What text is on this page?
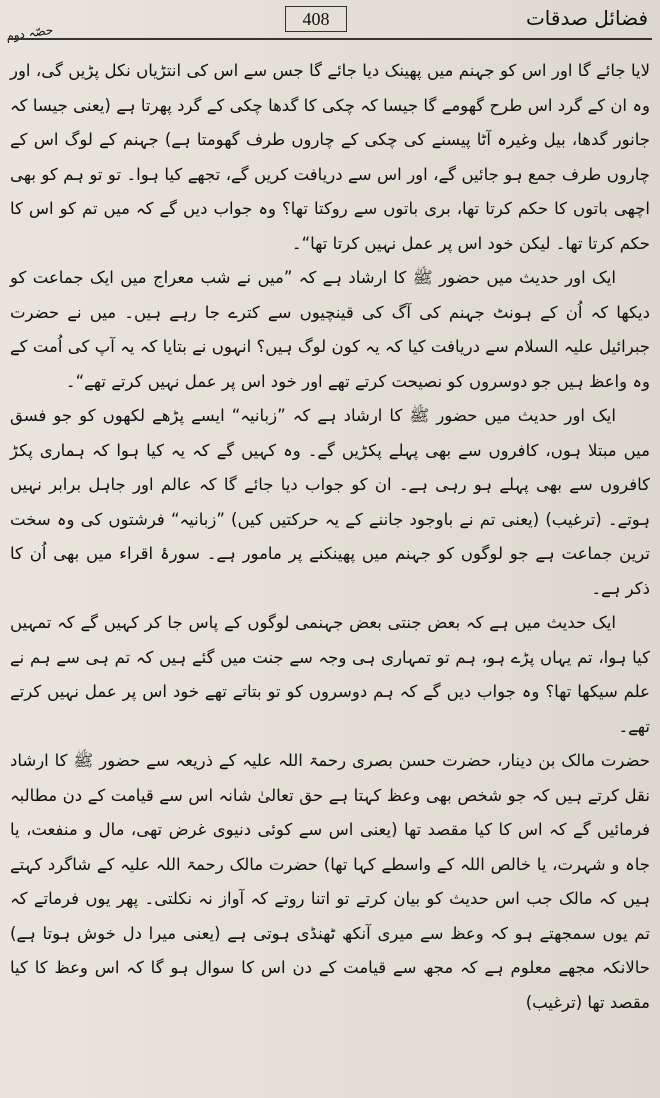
408	فضائل صدقات
حصّہ دوم

لایا جائے گا اور اس کو جہنم میں پھینک دیا جائے گا جس سے اس کی انتڑیاں نکل پڑیں گی، اور وہ ان کے گرد اس طرح گھومے گا جیسا کہ چکی کا گدھا چکی کے گرد پھرتا ہے (یعنی جیسا کہ جانور گدھا، بیل وغیرہ آٹا پیسنے کی چکی کے چاروں طرف گھومتا ہے) جہنم کے لوگ اس کے چاروں طرف جمع ہو جائیں گے، اور اس سے دریافت کریں گے، تجھے کیا ہوا۔ تو تو ہم کو بھی اچھی باتوں کا حکم کرتا تھا، بری باتوں سے روکتا تھا؟ وہ جواب دیں گے کہ میں تم کو اس کا حکم کرتا تھا۔ لیکن خود اس پر عمل نہیں کرتا تھا“۔

ایک اور حدیث میں حضور ﷺ کا ارشاد ہے کہ ”میں نے شب معراج میں ایک جماعت کو دیکھا کہ اُن کے ہونٹ جہنم کی آگ کی قینچیوں سے کترے جا رہے ہیں۔ میں نے حضرت جبرائیل علیہ السلام سے دریافت کیا کہ یہ کون لوگ ہیں؟ انہوں نے بتایا کہ یہ آپ کی اُمت کے وہ واعظ ہیں جو دوسروں کو نصیحت کرتے تھے اور خود اس پر عمل نہیں کرتے تھے“۔

ایک اور حدیث میں حضور ﷺ کا ارشاد ہے کہ ”زبانیہ“ ایسے پڑھے لکھوں کو جو فسق میں مبتلا ہوں، کافروں سے بھی پہلے پکڑیں گے۔ وہ کہیں گے کہ یہ کیا ہوا کہ ہماری پکڑ کافروں سے بھی پہلے ہو رہی ہے۔ ان کو جواب دیا جائے گا کہ عالم اور جاہل برابر نہیں ہوتے۔ (ترغیب) (یعنی تم نے باوجود جاننے کے یہ حرکتیں کیں) ”زبانیہ“ فرشتوں کی وہ سخت ترین جماعت ہے جو لوگوں کو جہنم میں پھینکنے پر مامور ہے۔ سورۂ اقراء میں بھی اُن کا ذکر ہے۔

ایک حدیث میں ہے کہ بعض جنتی بعض جہنمی لوگوں کے پاس جا کر کہیں گے کہ تمہیں کیا ہوا، تم یہاں پڑے ہو، ہم تو تمہاری ہی وجہ سے جنت میں گئے ہیں کہ تم ہی سے ہم نے علم سیکھا تھا؟ وہ جواب دیں گے کہ ہم دوسروں کو تو بتاتے تھے خود اس پر عمل نہیں کرتے تھے۔

حضرت مالک بن دینار، حضرت حسن بصری رحمۃ اللہ علیہ کے ذریعہ سے حضور ﷺ کا ارشاد نقل کرتے ہیں کہ جو شخص بھی وعظ کہتا ہے حق تعالیٰ شانہ اس سے قیامت کے دن مطالبہ فرمائیں گے کہ اس کا کیا مقصد تھا (یعنی اس سے کوئی دنیوی غرض تھی، مال و منفعت، یا جاہ و شہرت، یا خالص اللہ کے واسطے کہا تھا) حضرت مالک رحمۃ اللہ علیہ کے شاگرد کہتے ہیں کہ مالک جب اس حدیث کو بیان کرتے تو اتنا روتے کہ آواز نہ نکلتی۔ پھر یوں فرماتے کہ تم یوں سمجھتے ہو کہ وعظ سے میری آنکھ ٹھنڈی ہوتی ہے (یعنی میرا دل خوش ہوتا ہے) حالانکہ مجھے معلوم ہے کہ مجھ سے قیامت کے دن اس کا سوال ہو گا کہ اس وعظ کا کیا مقصد تھا (ترغیب)
